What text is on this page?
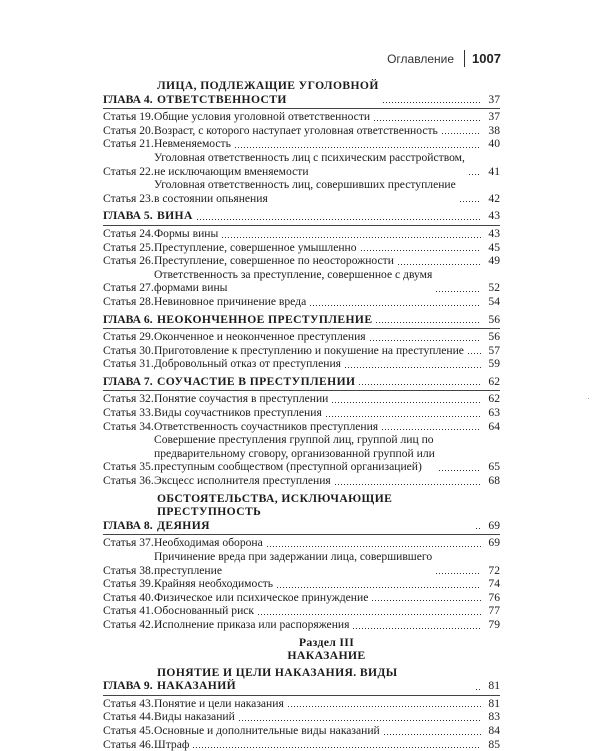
Оглавление 1007
ГЛАВА 4.
ЛИЦА, ПОДЛЕЖАЩИЕ УГОЛОВНОЙ
ОТВЕТСТВЕННОСТИ	37
Статья 19. Общие условия уголовной ответственности	37
Статья 20. Возраст, с которого наступает уголовная ответственность	38
Статья 21. Невменяемость	40
Статья 22.
Уголовная ответственность лиц с психическим расстройством,
не исключающим вменяемости	41
Статья 23.
Уголовная ответственность лиц, совершивших преступление
в состоянии опьянения	42
ГЛАВА 5. ВИНА	43
Статья 24. Формы вины	43
Статья 25. Преступление, совершенное умышленно	45
Статья 26. Преступление, совершенное по неосторожности	49
Статья 27.
Ответственность за преступление, совершенное с двумя
формами вины	52
Статья 28. Невиновное причинение вреда	54
ГЛАВА 6. НЕОКОНЧЕННОЕ ПРЕСТУПЛЕНИЕ	56
Статья 29. Оконченное и неоконченное преступления	56
Статья 30. Приготовление к преступлению и покушение на преступление	57
Статья 31. Добровольный отказ от преступления	59
ГЛАВА 7. СОУЧАСТИЕ В ПРЕСТУПЛЕНИИ	62
Статья 32. Понятие соучастия в преступлении	62
Статья 33. Виды соучастников преступления	63
Статья 34. Ответственность соучастников преступления	64
Статья 35.
Совершение преступления группой лиц, группой лиц по
предварительному сговору, организованной группой или
преступным сообществом (преступной организацией)	65
Статья 36. Эксцесс исполнителя преступления	68
ГЛАВА 8.
ОБСТОЯТЕЛЬСТВА, ИСКЛЮЧАЮЩИЕ ПРЕСТУПНОСТЬ
ДЕЯНИЯ	69
Статья 37. Необходимая оборона	69
Статья 38.
Причинение вреда при задержании лица, совершившего
преступление	72
Статья 39. Крайняя необходимость	74
Статья 40. Физическое или психическое принуждение	76
Статья 41. Обоснованный риск	77
Статья 42. Исполнение приказа или распоряжения	79
Раздел III
НАКАЗАНИЕ
ГЛАВА 9.
ПОНЯТИЕ И ЦЕЛИ НАКАЗАНИЯ. ВИДЫ НАКАЗАНИЙ	81
Статья 43. Понятие и цели наказания	81
Статья 44. Виды наказаний	83
Статья 45. Основные и дополнительные виды наказаний	84
Статья 46. Штраф	85
